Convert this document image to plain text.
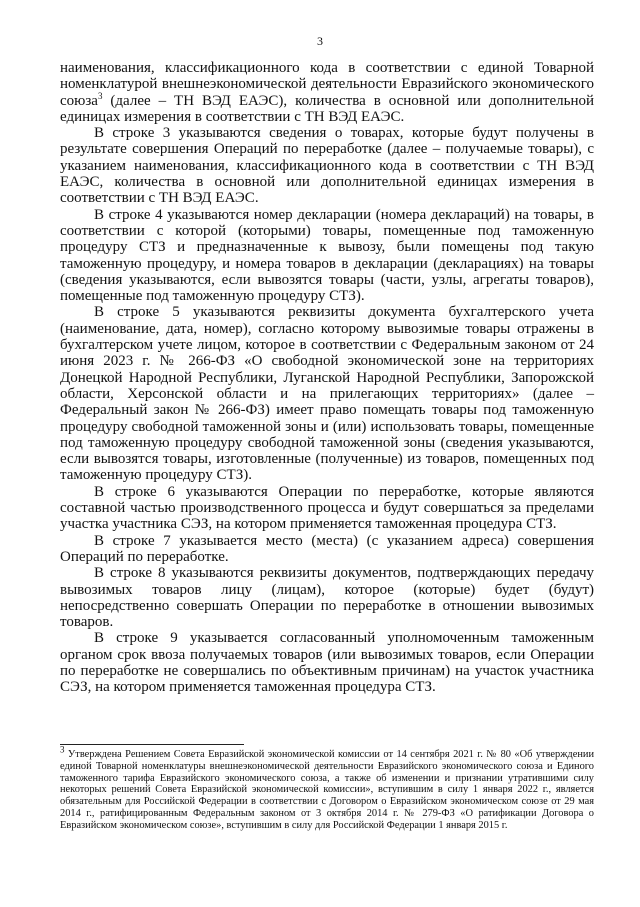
3

наименования, классификационного кода в соответствии с единой Товарной номенклатурой внешнеэкономической деятельности Евразийского экономического союза$^3$ (далее – ТН ВЭД ЕАЭС), количества в основной или дополнительной единицах измерения в соответствии с ТН ВЭД ЕАЭС.

В строке 3 указываются сведения о товарах, которые будут получены в результате совершения Операций по переработке (далее – получаемые товары), с указанием наименования, классификационного кода в соответствии с ТН ВЭД ЕАЭС, количества в основной или дополнительной единицах измерения в соответствии с ТН ВЭД ЕАЭС.

В строке 4 указываются номер декларации (номера деклараций) на товары, в соответствии с которой (которыми) товары, помещенные под таможенную процедуру СТЗ и предназначенные к вывозу, были помещены под такую таможенную процедуру, и номера товаров в декларации (декларациях) на товары (сведения указываются, если вывозятся товары (части, узлы, агрегаты товаров), помещенные под таможенную процедуру СТЗ).

В строке 5 указываются реквизиты документа бухгалтерского учета (наименование, дата, номер), согласно которому вывозимые товары отражены в бухгалтерском учете лицом, которое в соответствии с Федеральным законом от 24 июня 2023 г. № 266-ФЗ «О свободной экономической зоне на территориях Донецкой Народной Республики, Луганской Народной Республики, Запорожской области, Херсонской области и на прилегающих территориях» (далее – Федеральный закон № 266-ФЗ) имеет право помещать товары под таможенную процедуру свободной таможенной зоны и (или) использовать товары, помещенные под таможенную процедуру свободной таможенной зоны (сведения указываются, если вывозятся товары, изготовленные (полученные) из товаров, помещенных под таможенную процедуру СТЗ).

В строке 6 указываются Операции по переработке, которые являются составной частью производственного процесса и будут совершаться за пределами участка участника СЭЗ, на котором применяется таможенная процедура СТЗ.

В строке 7 указывается место (места) (с указанием адреса) совершения Операций по переработке.

В строке 8 указываются реквизиты документов, подтверждающих передачу вывозимых товаров лицу (лицам), которое (которые) будет (будут) непосредственно совершать Операции по переработке в отношении вывозимых товаров.

В строке 9 указывается согласованный уполномоченным таможенным органом срок ввоза получаемых товаров (или вывозимых товаров, если Операции по переработке не совершались по объективным причинам) на участок участника СЭЗ, на котором применяется таможенная процедура СТЗ.

$^3$ Утверждена Решением Совета Евразийской экономической комиссии от 14 сентября 2021 г. № 80 «Об утверждении единой Товарной номенклатуры внешнеэкономической деятельности Евразийского экономического союза и Единого таможенного тарифа Евразийского экономического союза, а также об изменении и признании утратившими силу некоторых решений Совета Евразийской экономической комиссии», вступившим в силу 1 января 2022 г., является обязательным для Российской Федерации в соответствии с Договором о Евразийском экономическом союзе от 29 мая 2014 г., ратифицированным Федеральным законом от 3 октября 2014 г. № 279-ФЗ «О ратификации Договора о Евразийском экономическом союзе», вступившим в силу для Российской Федерации 1 января 2015 г.
